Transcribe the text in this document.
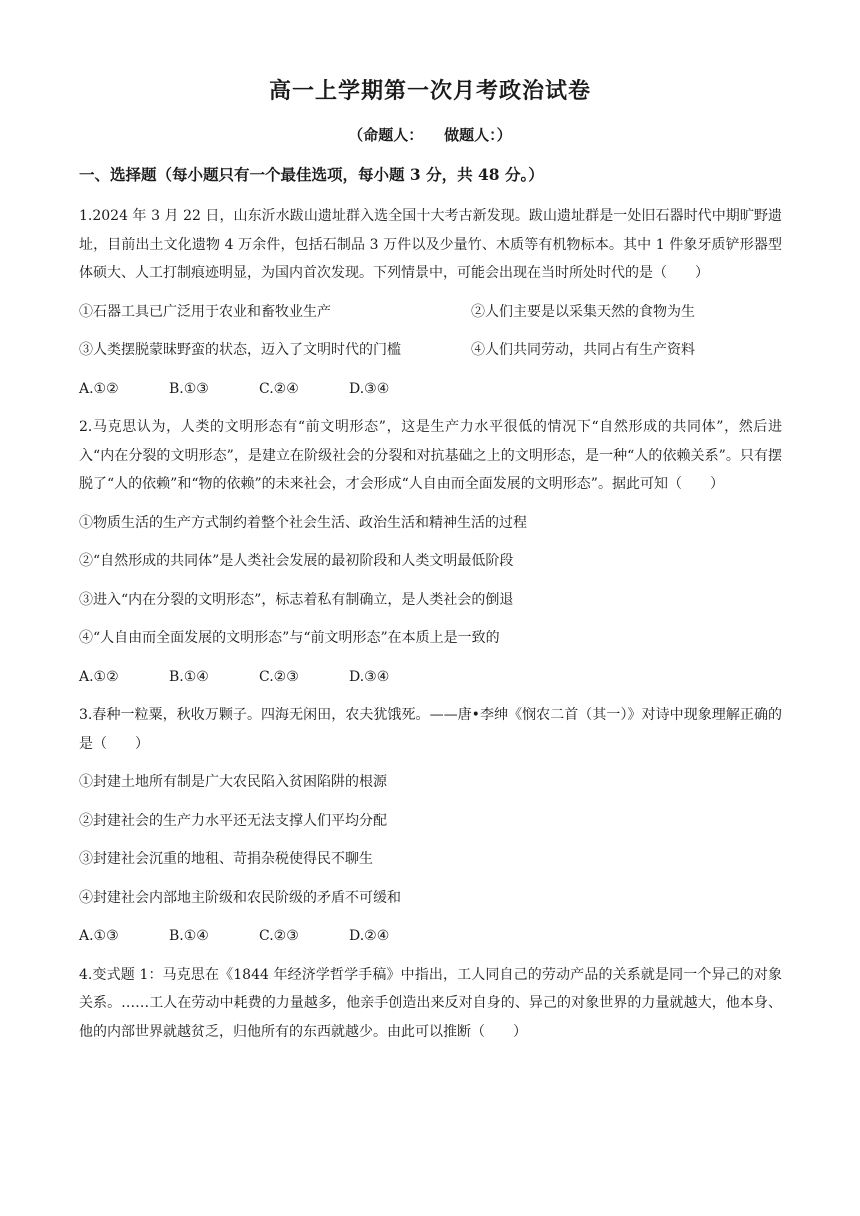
高一上学期第一次月考政治试卷
（命题人：    做题人：）
一、选择题（每小题只有一个最佳选项，每小题 3 分，共 48 分。）

1.2024 年 3 月 22 日，山东沂水跋山遗址群入选全国十大考古新发现。跋山遗址群是一处旧石器时代中期旷野遗址，目前出土文化遗物 4 万余件，包括石制品 3 万件以及少量竹、木质等有机物标本。其中 1 件象牙质铲形器型体硕大、人工打制痕迹明显，为国内首次发现。下列情景中，可能会出现在当时所处时代的是（　　）

①石器工具已广泛用于农业和畜牧业生产	②人们主要是以采集天然的食物为生
③人类摆脱蒙昧野蛮的状态，迈入了文明时代的门槛	④人们共同劳动，共同占有生产资料
A.①②	B.①③	C.②④	D.③④

2.马克思认为，人类的文明形态有“前文明形态”，这是生产力水平很低的情况下“自然形成的共同体”，然后进入“内在分裂的文明形态”，是建立在阶级社会的分裂和对抗基础之上的文明形态，是一种“人的依赖关系”。只有摆脱了“人的依赖”和“物的依赖”的未来社会，才会形成“人自由而全面发展的文明形态”。据此可知（　　）

①物质生活的生产方式制约着整个社会生活、政治生活和精神生活的过程
②“自然形成的共同体”是人类社会发展的最初阶段和人类文明最低阶段
③进入“内在分裂的文明形态”，标志着私有制确立，是人类社会的倒退
④“人自由而全面发展的文明形态”与“前文明形态”在本质上是一致的
A.①②	B.①④	C.②③	D.③④

3.春种一粒粟，秋收万颗子。四海无闲田，农夫犹饿死。——唐•李绅《悯农二首（其一）》对诗中现象理解正确的是（　　）

①封建土地所有制是广大农民陷入贫困陷阱的根源
②封建社会的生产力水平还无法支撑人们平均分配
③封建社会沉重的地租、苛捐杂税使得民不聊生
④封建社会内部地主阶级和农民阶级的矛盾不可缓和
A.①③	B.①④	C.②③	D.②④

4.变式题 1：马克思在《1844 年经济学哲学手稿》中指出，工人同自己的劳动产品的关系就是同一个异己的对象关系。……工人在劳动中耗费的力量越多，他亲手创造出来反对自身的、异己的对象世界的力量就越大，他本身、他的内部世界就越贫乏，归他所有的东西就越少。由此可以推断（　　）
